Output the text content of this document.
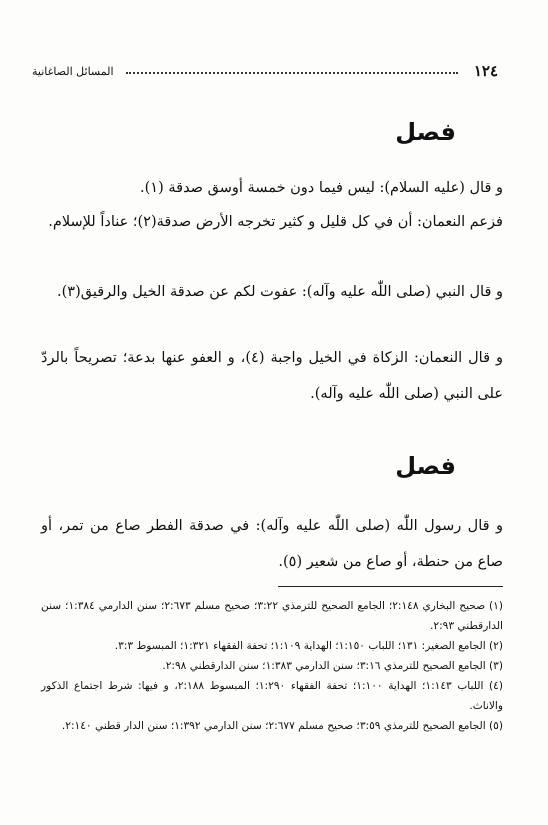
١٢٤
المسائل الصاغانية
فصل
و قال (عليه السلام): ليس فيما دون خمسة أوسق صدقة (١).
فزعم النعمان: أن في كل قليل و كثير تخرجه الأرض صدقة(٢)؛ عناداً للإسلام.
و قال النبي (صلى اللّٰه عليه وآله): عفوت لكم عن صدقة الخيل والرقيق(٣).
و قال النعمان: الزكاة في الخيل واجبة (٤)، و العفو عنها بدعة؛ تصريحاً بالردّ على النبي (صلى اللّٰه عليه وآله).
فصل
و قال رسول اللّٰه (صلى اللّٰه عليه وآله): في صدقة الفطر صاع من تمر، أو صاع من حنطة، أو صاع من شعير (٥).

(١) صحيح البخاري ٢:١٤٨؛ الجامع الصحيح للترمذي ٣:٢٢؛ صحيح مسلم ٢:٦٧٣؛ سنن الدارمي ١:٣٨٤؛ سنن الدارقطني ٢:٩٣.

(٢) الجامع الصغير: ١٣١؛ اللباب ١:١٥٠؛ الهداية ١:١٠٩؛ تحفة الفقهاء ١:٣٢١؛ المبسوط ٣:٣.

(٣) الجامع الصحيح للترمذي ٣:١٦؛ سنن الدارمي ١:٣٨٣؛ سنن الدارقطني ٢:٩٨.

(٤) اللباب ١:١٤٣؛ الهداية ١:١٠٠؛ تحفة الفقهاء ١:٢٩٠؛ المبسوط ٢:١٨٨، و فيها: شرط اجتماع الذكور والاناث.

(٥) الجامع الصحيح للترمذي ٣:٥٩؛ صحيح مسلم ٢:٦٧٧؛ سنن الدارمي ١:٣٩٢؛ سنن الدار قطني ٢:١٤٠.
